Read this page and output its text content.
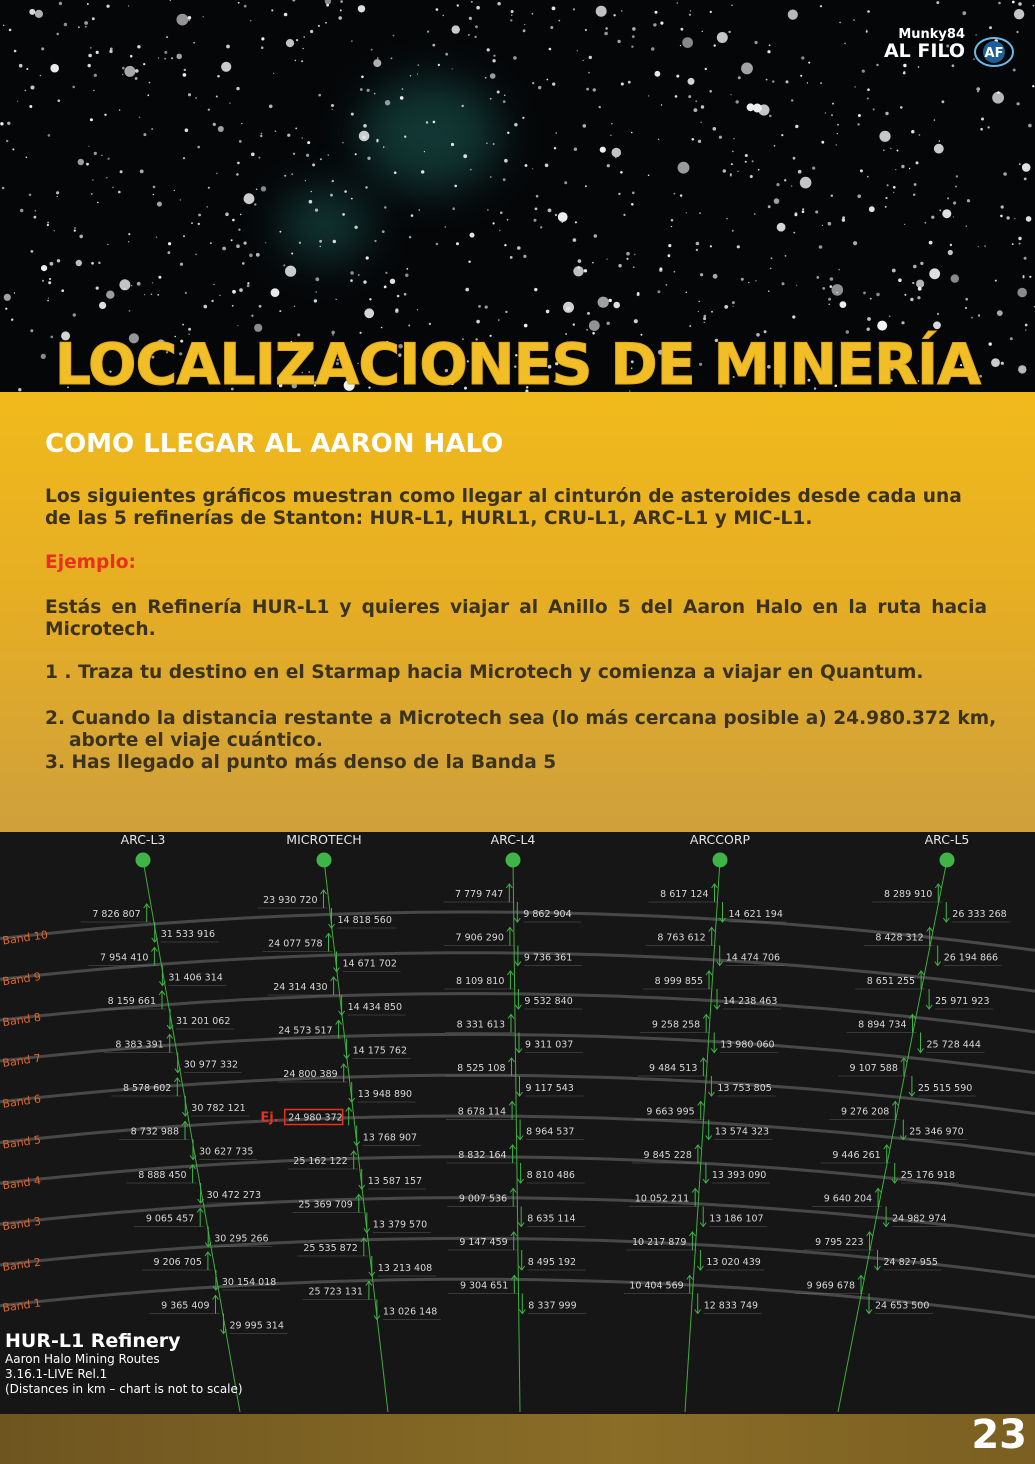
Munky84
AL FILO AF
LOCALIZACIONES DE MINERÍA
COMO LLEGAR AL AARON HALO

Los siguientes gráficos muestran como llegar al cinturón de asteroides desde cada una de las 5 refinerías de Stanton: HUR-L1, HURL1, CRU-L1, ARC-L1 y MIC-L1.

Ejemplo:

Estás en Refinería HUR-L1 y quieres viajar al Anillo 5 del Aaron Halo en la ruta hacia Microtech.

1 . Traza tu destino en el Starmap hacia Microtech y comienza a viajar en Quantum.

2. Cuando la distancia restante a Microtech sea (lo más cercana posible a) 24.980.372 km, aborte el viaje cuántico.

3. Has llegado al punto más denso de la Banda 5

Band 10
Band 9
Band 8
Band 7
Band 6
Band 5
Band 4
Band 3
Band 2
Band 1
ARC-L3
7 826 807
31 533 916
7 954 410
31 406 314
8 159 661
31 201 062
8 383 391
30 977 332
8 578 602
30 782 121
8 732 988
30 627 735
8 888 450
30 472 273
9 065 457
30 295 266
9 206 705
30 154 018
9 365 409
29 995 314
MICROTECH
23 930 720
14 818 560
24 077 578
14 671 702
24 314 430
14 434 850
24 573 517
14 175 762
24 800 389
13 948 890
Ej. 24 980 372
13 768 907
25 162 122
13 587 157
25 369 709
13 379 570
25 535 872
13 213 408
25 723 131
13 026 148
ARC-L4
7 779 747
9 862 904
7 906 290
9 736 361
8 109 810
9 532 840
8 331 613
9 311 037
8 525 108
9 117 543
8 678 114
8 964 537
8 832 164
8 810 486
9 007 536
8 635 114
9 147 459
8 495 192
9 304 651
8 337 999
ARCCORP
8 617 124
14 621 194
8 763 612
14 474 706
8 999 855
14 238 463
9 258 258
13 980 060
9 484 513
13 753 805
9 663 995
13 574 323
9 845 228
13 393 090
10 052 211
13 186 107
10 217 879
13 020 439
10 404 569
12 833 749
ARC-L5
8 289 910
26 333 268
8 428 312
26 194 866
8 651 255
25 971 923
8 894 734
25 728 444
9 107 588
25 515 590
9 276 208
25 346 970
9 446 261
25 176 918
9 640 204
24 982 974
9 795 223
24 827 955
9 969 678
24 653 500
HUR-L1 Refinery
Aaron Halo Mining Routes
3.16.1-LIVE Rel.1
(Distances in km – chart is not to scale)
23
